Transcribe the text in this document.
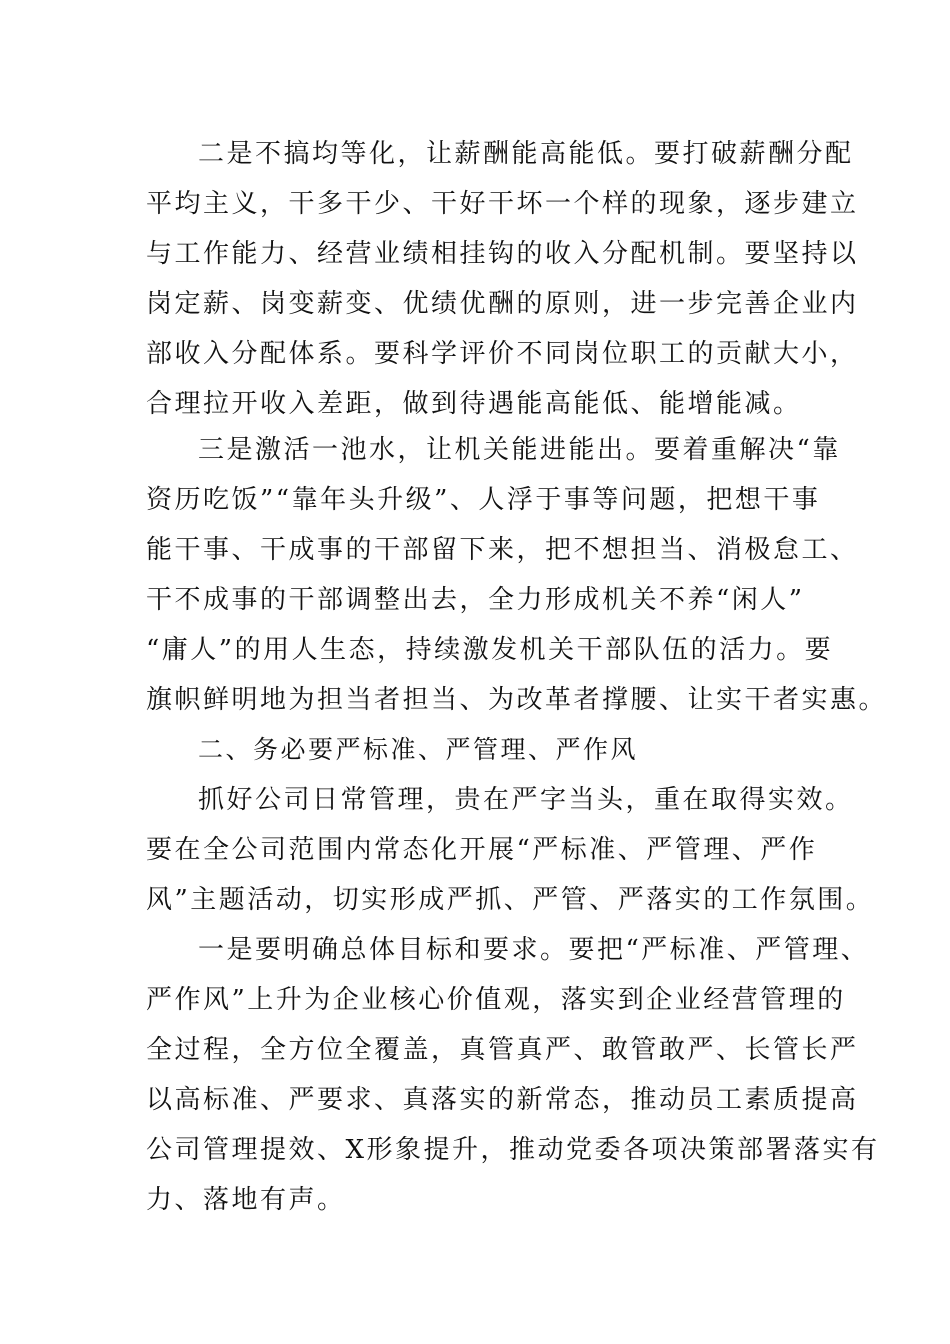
二是不搞均等化，让薪酬能高能低。要打破薪酬分配
平均主义，干多干少、干好干坏一个样的现象，逐步建立
与工作能力、经营业绩相挂钩的收入分配机制。要坚持以
岗定薪、岗变薪变、优绩优酬的原则，进一步完善企业内
部收入分配体系。要科学评价不同岗位职工的贡献大小，
合理拉开收入差距，做到待遇能高能低、能增能减。
三是激活一池水，让机关能进能出。要着重解决“靠
资历吃饭”“靠年头升级”、人浮于事等问题，把想干事
能干事、干成事的干部留下来，把不想担当、消极怠工、
干不成事的干部调整出去，全力形成机关不养“闲人”
“庸人”的用人生态，持续激发机关干部队伍的活力。要
旗帜鲜明地为担当者担当、为改革者撑腰、让实干者实惠。
二、务必要严标准、严管理、严作风
抓好公司日常管理，贵在严字当头，重在取得实效。
要在全公司范围内常态化开展“严标准、严管理、严作
风”主题活动，切实形成严抓、严管、严落实的工作氛围。
一是要明确总体目标和要求。要把“严标准、严管理、
严作风”上升为企业核心价值观，落实到企业经营管理的
全过程，全方位全覆盖，真管真严、敢管敢严、长管长严
以高标准、严要求、真落实的新常态，推动员工素质提高
公司管理提效、X形象提升，推动党委各项决策部署落实有
力、落地有声。
